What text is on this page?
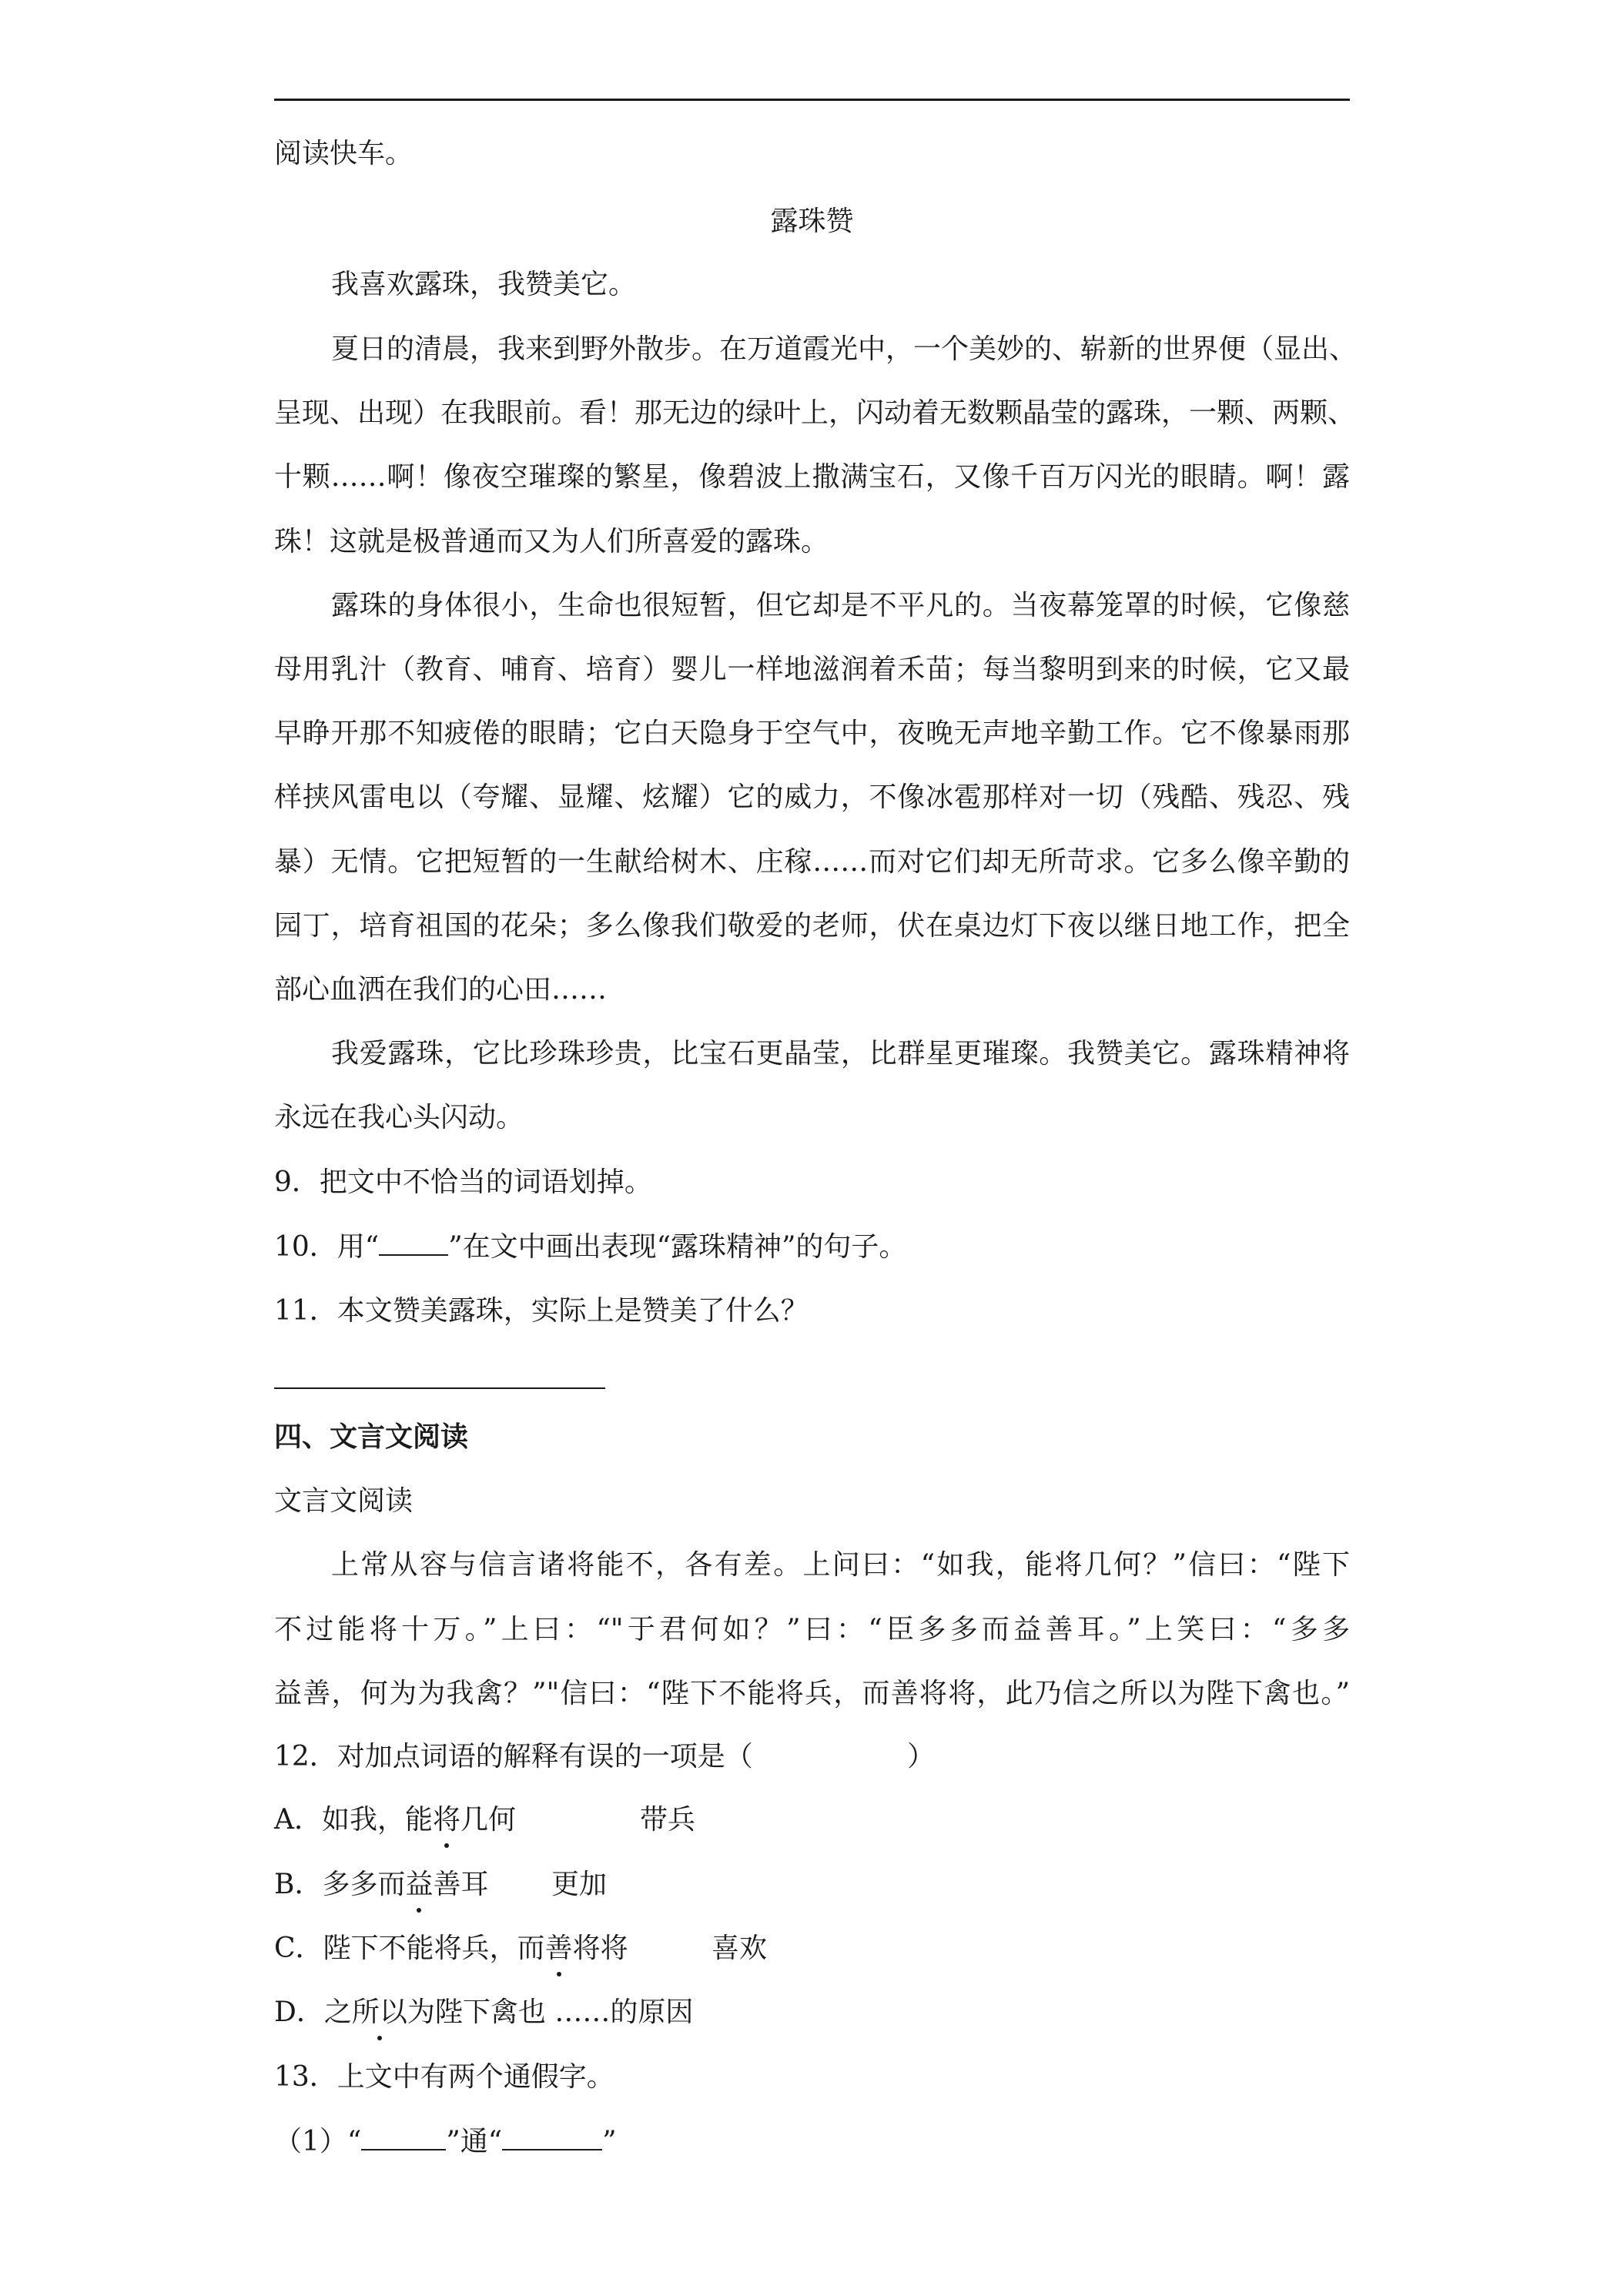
阅读快车。
露珠赞
我喜欢露珠，我赞美它。
夏日的清晨，我来到野外散步。在万道霞光中，一个美妙的、崭新的世界便（显出、
呈现、出现）在我眼前。看！那无边的绿叶上，闪动着无数颗晶莹的露珠，一颗、两颗、
十颗……啊！像夜空璀璨的繁星，像碧波上撒满宝石，又像千百万闪光的眼睛。啊！露
珠！这就是极普通而又为人们所喜爱的露珠。
露珠的身体很小，生命也很短暂，但它却是不平凡的。当夜幕笼罩的时候，它像慈
母用乳汁（教育、哺育、培育）婴儿一样地滋润着禾苗；每当黎明到来的时候，它又最
早睁开那不知疲倦的眼睛；它白天隐身于空气中，夜晚无声地辛勤工作。它不像暴雨那
样挟风雷电以（夸耀、显耀、炫耀）它的威力，不像冰雹那样对一切（残酷、残忍、残
暴）无情。它把短暂的一生献给树木、庄稼……而对它们却无所苛求。它多么像辛勤的
园丁，培育祖国的花朵；多么像我们敬爱的老师，伏在桌边灯下夜以继日地工作，把全
部心血洒在我们的心田……
我爱露珠，它比珍珠珍贵，比宝石更晶莹，比群星更璀璨。我赞美它。露珠精神将
永远在我心头闪动。
9．把文中不恰当的词语划掉。
10．用“	”在文中画出表现“露珠精神”的句子。
11．本文赞美露珠，实际上是赞美了什么？
四、文言文阅读
文言文阅读
上常从容与信言诸将能不，各有差。上问曰：“如我，能将几何？”信曰：“陛下
不过能将十万。”上曰：“"于君何如？”曰：“臣多多而益善耳。”上笑曰：“多多
益善，何为为我禽？”"信曰：“陛下不能将兵，而善将将，此乃信之所以为陛下禽也。”
12．对加点词语的解释有误的一项是（	）
A．如我，能将几何	带兵
B．多多而益善耳 更加
C．陛下不能将兵，而善将将	喜欢
D．之所以为陛下禽也 ……的原因
13．上文中有两个通假字。
（1）“	”通“	”
